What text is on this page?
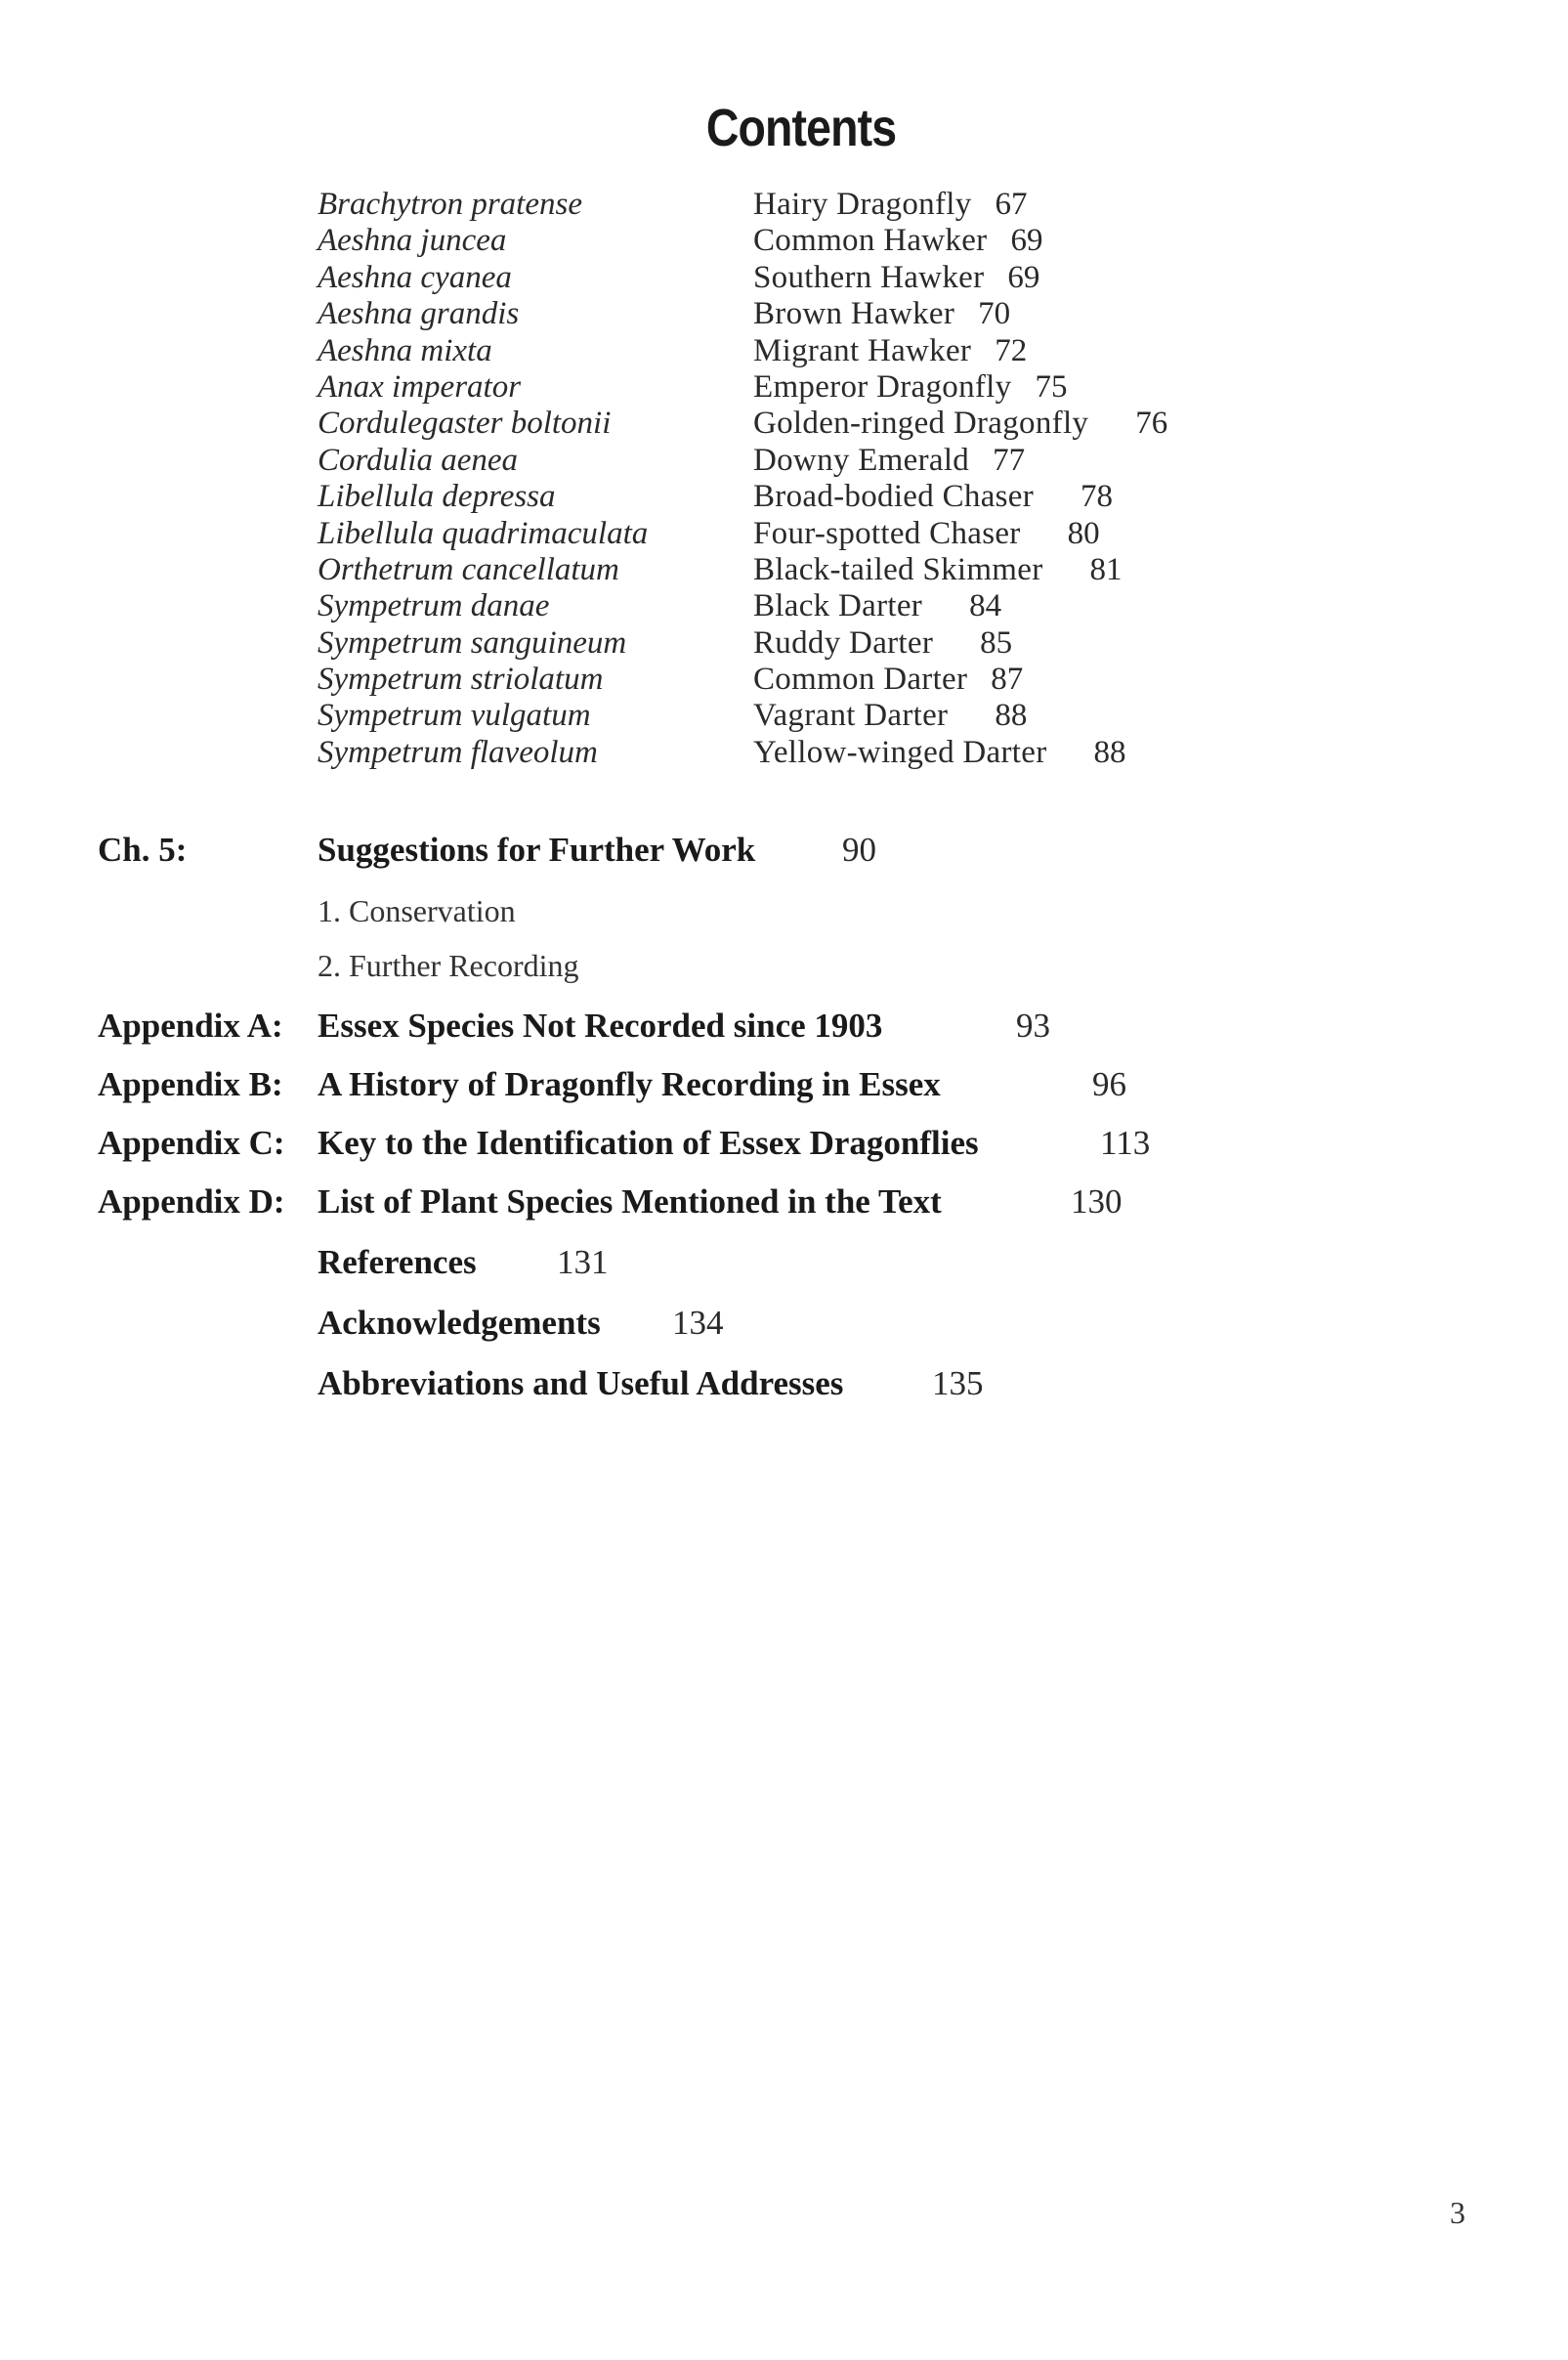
Contents
Brachytron pratense	Hairy Dragonfly 67
Aeshna juncea	Common Hawker 69
Aeshna cyanea	Southern Hawker 69
Aeshna grandis	Brown Hawker 70
Aeshna mixta	Migrant Hawker 72
Anax imperator	Emperor Dragonfly 75
Cordulegaster boltonii	Golden-ringed Dragonfly 76
Cordulia aenea	Downy Emerald 77
Libellula depressa	Broad-bodied Chaser 78
Libellula quadrimaculata	Four-spotted Chaser 80
Orthetrum cancellatum	Black-tailed Skimmer 81
Sympetrum danae	Black Darter 84
Sympetrum sanguineum	Ruddy Darter 85
Sympetrum striolatum	Common Darter 87
Sympetrum vulgatum	Vagrant Darter 88
Sympetrum flaveolum	Yellow-winged Darter 88
Ch. 5:	Suggestions for Further Work	90
1. Conservation
2. Further Recording
Appendix A: Essex Species Not Recorded since 1903	93
Appendix B: A History of Dragonfly Recording in Essex	96
Appendix C: Key to the Identification of Essex Dragonflies	113
Appendix D: List of Plant Species Mentioned in the Text	130
References 131
Acknowledgements 134
Abbreviations and Useful Addresses	135
3
